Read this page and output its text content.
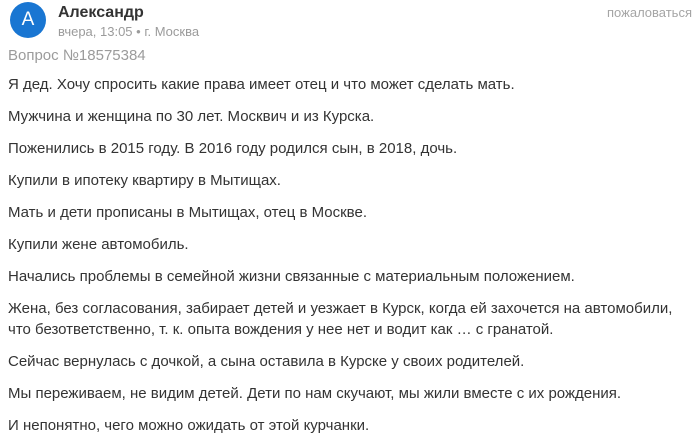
А	Александр
вчера, 13:05 • г. Москва
пожаловаться
Вопрос №18575384

Я дед. Хочу спросить какие права имеет отец и что может сделать мать.

Мужчина и женщина по 30 лет. Москвич и из Курска.

Поженились в 2015 году. В 2016 году родился сын, в 2018, дочь.

Купили в ипотеку квартиру в Мытищах.

Мать и дети прописаны в Мытищах, отец в Москве.

Купили жене автомобиль.

Начались проблемы в семейной жизни связанные с материальным положением.

Жена, без согласования, забирает детей и уезжает в Курск, когда ей захочется на автомобили, что безответственно, т. к. опыта вождения у нее нет и водит как … с гранатой.

Сейчас вернулась с дочкой, а сына оставила в Курске у своих родителей.

Мы переживаем, не видим детей. Дети по нам скучают, мы жили вместе с их рождения.

И непонятно, чего можно ожидать от этой курчанки.
